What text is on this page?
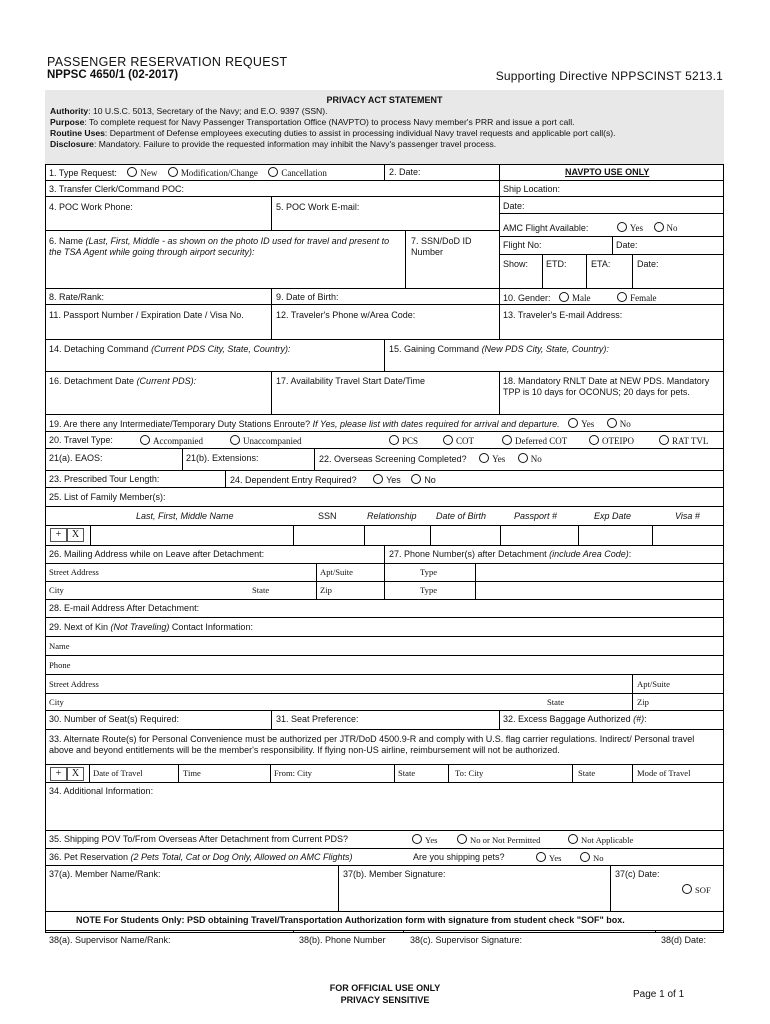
PASSENGER RESERVATION REQUEST
NPPSC 4650/1 (02-2017)	Supporting Directive NPPSCINST 5213.1
PRIVACY ACT STATEMENT
Authority: 10 U.S.C. 5013, Secretary of the Navy; and E.O. 9397 (SSN).
Purpose: To complete request for Navy Passenger Transportation Office (NAVPTO) to process Navy member's PRR and issue a port call.
Routine Uses: Department of Defense employees executing duties to assist in processing individual Navy travel requests and applicable port call(s).
Disclosure: Mandatory. Failure to provide the requested information may inhibit the Navy's passenger travel process.
1. Type Request:	New	Modification/Change	Cancellation	2. Date:	NAVPTO USE ONLY
3. Transfer Clerk/Command POC:	Ship Location:
4. POC Work Phone:	5. POC Work E-mail:	Date:
AMC Flight Available:	Yes	No
Flight No:	Date:
Show: ETD:	ETA:	Date:
6. Name (Last, First, Middle - as shown on the photo ID used for travel and present to the TSA Agent while going through airport security):
7. SSN/DoD ID Number
8. Rate/Rank:	9. Date of Birth:	10. Gender: Male	Female
11. Passport Number / Expiration Date / Visa No.	12. Traveler's Phone w/Area Code:	13. Traveler's E-mail Address:
14. Detaching Command (Current PDS City, State, Country):	15. Gaining Command (New PDS City, State, Country):
16. Detachment Date (Current PDS):	17. Availability Travel Start Date/Time	18. Mandatory RNLT Date at NEW PDS. Mandatory TPP is 10 days for OCONUS; 20 days for pets.
19. Are there any Intermediate/Temporary Duty Stations Enroute? If Yes, please list with dates required for arrival and departure. Yes	No
20. Travel Type:	Accompanied	Unaccompanied	PCS	COT	Deferred COT	OTEIPO	RAT TVL
21(a). EAOS:	21(b). Extensions:	22. Overseas Screening Completed?	Yes	No
23. Prescribed Tour Length:	24. Dependent Entry Required?	Yes	No
25. List of Family Member(s):
Last, First, Middle Name	SSN	Relationship Date of Birth	Passport #	Exp Date	Visa #
+ X
26. Mailing Address while on Leave after Detachment:	27. Phone Number(s) after Detachment (include Area Code):
Street Address	Apt/Suite	Type
City	State	Zip	Type
28. E-mail Address After Detachment:
29. Next of Kin (Not Traveling) Contact Information:
Name
Phone
Street Address	Apt/Suite
City	State	Zip
30. Number of Seat(s) Required:	31. Seat Preference:	32. Excess Baggage Authorized (#):
33. Alternate Route(s) for Personal Convenience must be authorized per JTR/DoD 4500.9-R and comply with U.S. flag carrier regulations. Indirect/ Personal travel above and beyond entitlements will be the member's responsibility. If flying non-US airline, reimbursement will not be authorized.
+ X	Date of Travel	Time	From: City	State	To: City	State	Mode of Travel
34. Additional Information:
35. Shipping POV To/From Overseas After Detachment from Current PDS?	Yes	No or Not Permitted	Not Applicable
36. Pet Reservation (2 Pets Total, Cat or Dog Only, Allowed on AMC Flights)	Are you shipping pets?	Yes	No
37(a). Member Name/Rank:	37(b). Member Signature:	37(c) Date:
SOF
NOTE For Students Only: PSD obtaining Travel/Transportation Authorization form with signature from student check "SOF" box.
38(a). Supervisor Name/Rank:	38(b). Phone Number	38(c). Supervisor Signature:	38(d) Date:
FOR OFFICIAL USE ONLY
PRIVACY SENSITIVE	Page 1 of 1
